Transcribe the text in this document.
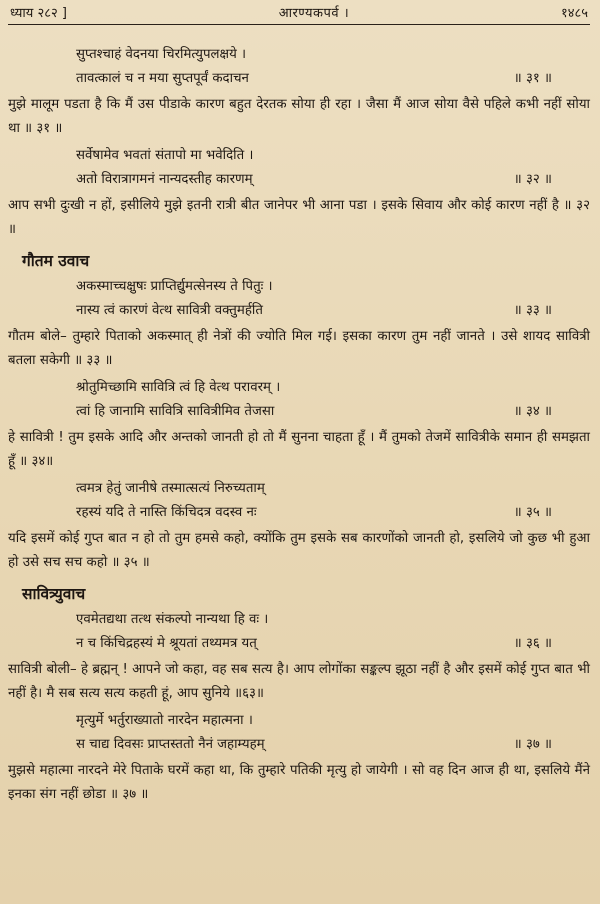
ध्याय २८२ ]	आरण्यकपर्व ।	१४८५
सुप्तश्चाहं वेदनया चिरमित्युपलक्षये ।
तावत्कालं च न मया सुप्तपूर्वं कदाचन	॥ ३१ ॥

मुझे मालूम पडता है कि मैं उस पीडाके कारण बहुत देरतक सोया ही रहा । जैसा मैं आज सोया वैसे पहिले कभी नहीं सोया था ॥ ३१ ॥

सर्वेषामेव भवतां संतापो मा भवेदिति ।
अतो विरात्रागमनं नान्यदस्तीह कारणम्	॥ ३२ ॥

आप सभी दुःखी न हों, इसीलिये मुझे इतनी रात्री बीत जानेपर भी आना पडा । इसके सिवाय और कोई कारण नहीं है ॥ ३२ ॥

गौतम उवाच
अकस्माच्चक्षुषः प्राप्तिर्द्युमत्सेनस्य ते पितुः ।
नास्य त्वं कारणं वेत्थ सावित्री वक्तुमर्हति	॥ ३३ ॥

गौतम बोले– तुम्हारे पिताको अकस्मात् ही नेत्रों की ज्योति मिल गई। इसका कारण तुम नहीं जानते । उसे शायद सावित्री बतला सकेगी ॥ ३३ ॥

श्रोतुमिच्छामि सावित्रि त्वं हि वेत्थ परावरम् ।
त्वां हि जानामि सावित्रि सावित्रीमिव तेजसा	॥ ३४ ॥

हे सावित्री ! तुम इसके आदि और अन्तको जानती हो तो मैं सुनना चाहता हूँ । मैं तुमको तेजमें सावित्रीके समान ही समझता हूँ ॥ ३४॥

त्वमत्र हेतुं जानीषे तस्मात्सत्यं निरुच्यताम्
रहस्यं यदि ते नास्ति किंचिदत्र वदस्व नः	॥ ३५ ॥

यदि इसमें कोई गुप्त बात न हो तो तुम हमसे कहो, क्योंकि तुम इसके सब कारणोंको जानती हो, इसलिये जो कुछ भी हुआ हो उसे सच सच कहो ॥ ३५ ॥

सावित्र्युवाच
एवमेतद्यथा तत्थ संकल्पो नान्यथा हि वः ।
न च किंचिद्रहस्यं मे श्रूयतां तथ्यमत्र यत्	॥ ३६ ॥

सावित्री बोली– हे ब्रह्मन् ! आपने जो कहा, वह सब सत्य है। आप लोगोंका सङ्कल्प झूठा नहीं है और इसमें कोई गुप्त बात भी नहीं है। मै सब सत्य सत्य कहती हूं, आप सुनिये ॥६३॥

मृत्युर्मे भर्तुराख्यातो नारदेन महात्मना ।
स चाद्य दिवसः प्राप्तस्ततो नैनं जहाम्यहम्	॥ ३७ ॥

मुझसे महात्मा नारदने मेरे पिताके घरमें कहा था, कि तुम्हारे पतिकी मृत्यु हो जायेगी । सो वह दिन आज ही था, इसलिये मैंने इनका संग नहीं छोडा ॥ ३७ ॥
